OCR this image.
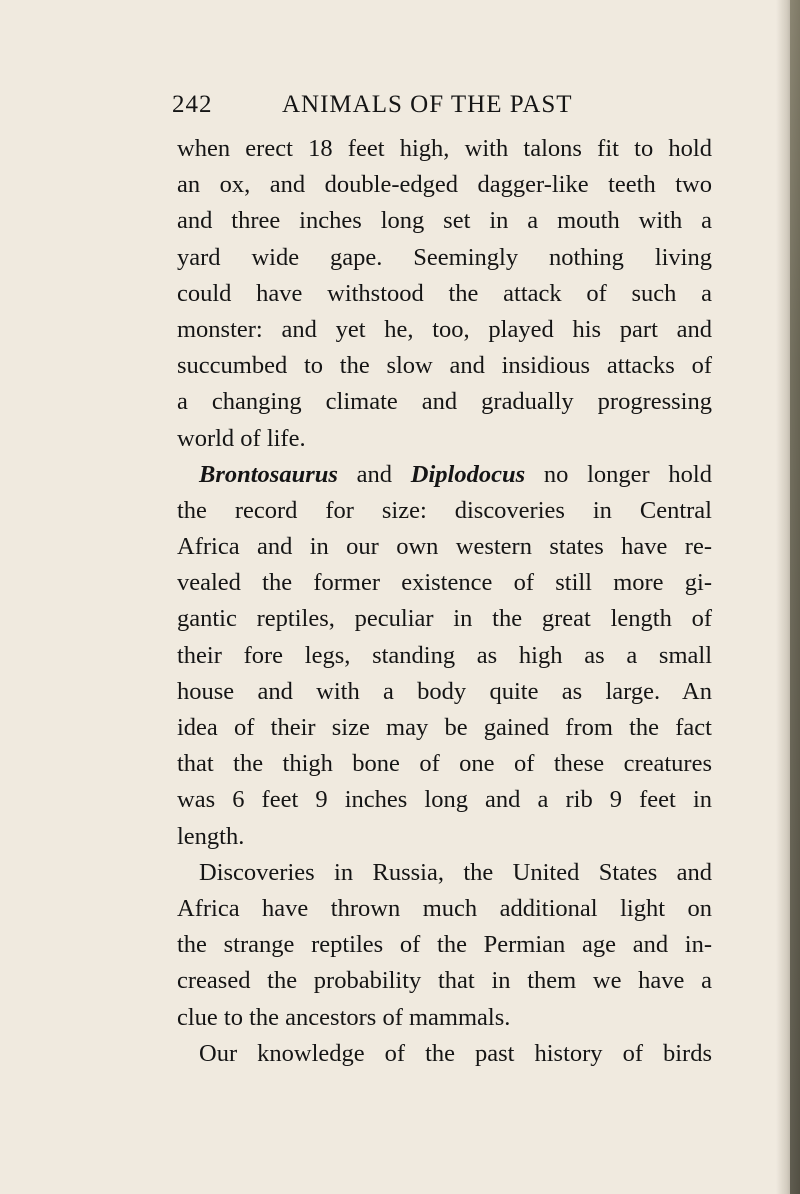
242	ANIMALS OF THE PAST
when erect 18 feet high, with talons fit to hold
an ox, and double-edged dagger-like teeth two
and three inches long set in a mouth with a
yard wide gape. Seemingly nothing living
could have withstood the attack of such a
monster: and yet he, too, played his part and
succumbed to the slow and insidious attacks of
a changing climate and gradually progressing
world of life.
Brontosaurus and Diplodocus no longer hold
the record for size: discoveries in Central
Africa and in our own western states have re-
vealed the former existence of still more gi-
gantic reptiles, peculiar in the great length of
their fore legs, standing as high as a small
house and with a body quite as large. An
idea of their size may be gained from the fact
that the thigh bone of one of these creatures
was 6 feet 9 inches long and a rib 9 feet in
length.
Discoveries in Russia, the United States and
Africa have thrown much additional light on
the strange reptiles of the Permian age and in-
creased the probability that in them we have a
clue to the ancestors of mammals.
Our knowledge of the past history of birds
